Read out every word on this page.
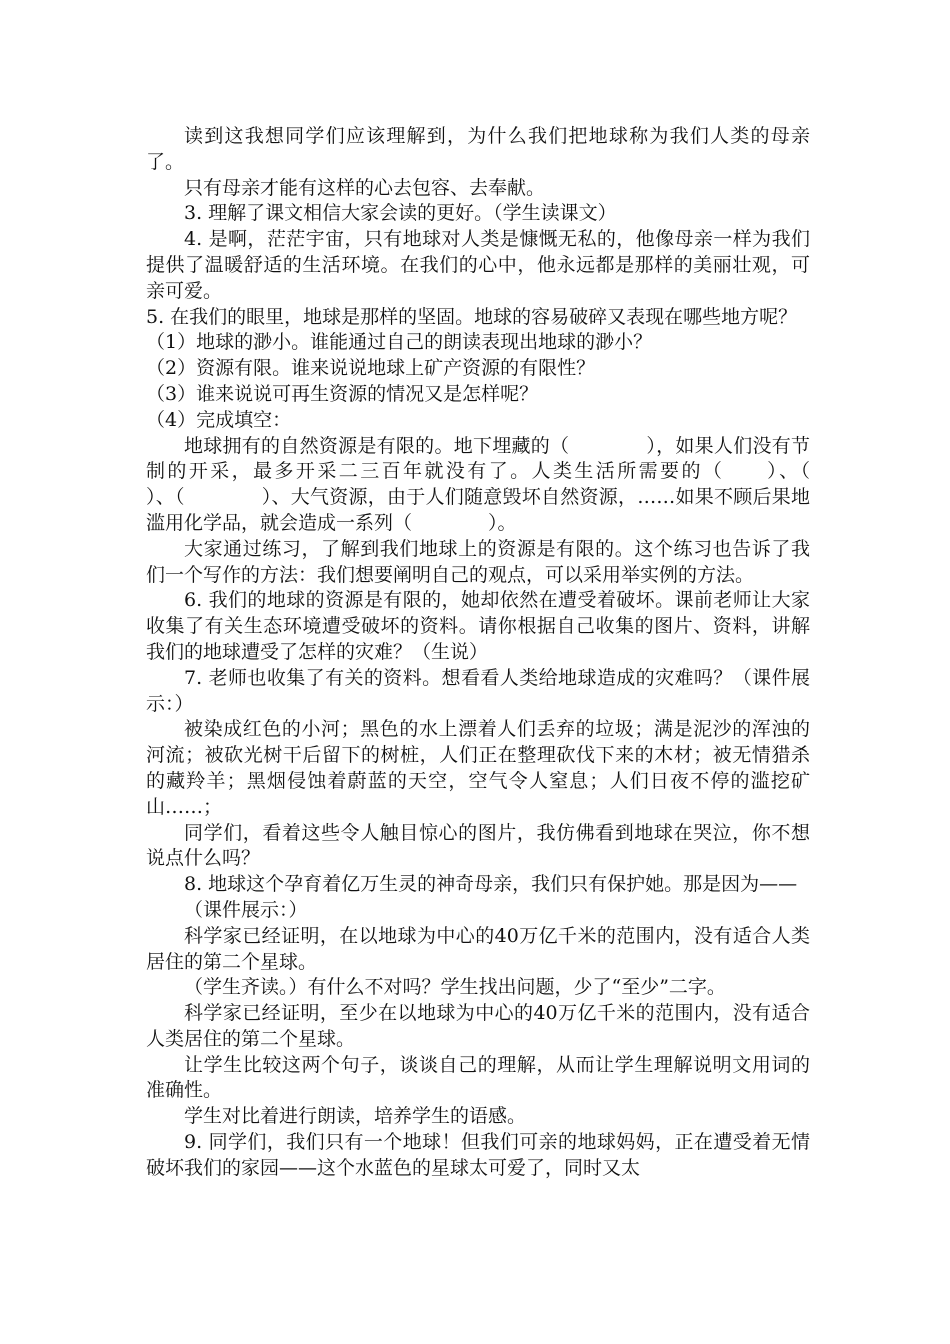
读到这我想同学们应该理解到，为什么我们把地球称为我们人类的母亲了。

只有母亲才能有这样的心去包容、去奉献。

3. 理解了课文相信大家会读的更好。（学生读课文）

4. 是啊，茫茫宇宙，只有地球对人类是慷慨无私的，他像母亲一样为我们提供了温暖舒适的生活环境。在我们的心中，他永远都是那样的美丽壮观，可亲可爱。

5. 在我们的眼里，地球是那样的坚固。地球的容易破碎又表现在哪些地方呢？

（1）地球的渺小。谁能通过自己的朗读表现出地球的渺小？

（2）资源有限。谁来说说地球上矿产资源的有限性？

（3）谁来说说可再生资源的情况又是怎样呢？

（4）完成填空：

地球拥有的自然资源是有限的。地下埋藏的（　　　　），如果人们没有节制的开采，最多开采二三百年就没有了。人类生活所需要的（　　）、（　　　　）、（　　　　）、大气资源，由于人们随意毁坏自然资源，……如果不顾后果地滥用化学品，就会造成一系列（　　　　）。

大家通过练习，了解到我们地球上的资源是有限的。这个练习也告诉了我们一个写作的方法：我们想要阐明自己的观点，可以采用举实例的方法。

6. 我们的地球的资源是有限的，她却依然在遭受着破坏。课前老师让大家收集了有关生态环境遭受破坏的资料。请你根据自己收集的图片、资料，讲解我们的地球遭受了怎样的灾难？（生说）

7. 老师也收集了有关的资料。想看看人类给地球造成的灾难吗？（课件展示：）

被染成红色的小河；黑色的水上漂着人们丢弃的垃圾；满是泥沙的浑浊的河流；被砍光树干后留下的树桩，人们正在整理砍伐下来的木材；被无情猎杀的藏羚羊；黑烟侵蚀着蔚蓝的天空，空气令人窒息；人们日夜不停的滥挖矿山……；

同学们，看着这些令人触目惊心的图片，我仿佛看到地球在哭泣，你不想说点什么吗？

8. 地球这个孕育着亿万生灵的神奇母亲，我们只有保护她。那是因为——

（课件展示：）

科学家已经证明，在以地球为中心的40万亿千米的范围内，没有适合人类居住的第二个星球。

（学生齐读。）有什么不对吗？学生找出问题，少了“至少”二字。

科学家已经证明，至少在以地球为中心的40万亿千米的范围内，没有适合人类居住的第二个星球。

让学生比较这两个句子，谈谈自己的理解，从而让学生理解说明文用词的准确性。

学生对比着进行朗读，培养学生的语感。

9. 同学们，我们只有一个地球！但我们可亲的地球妈妈，正在遭受着无情破坏我们的家园——这个水蓝色的星球太可爱了，同时又太
